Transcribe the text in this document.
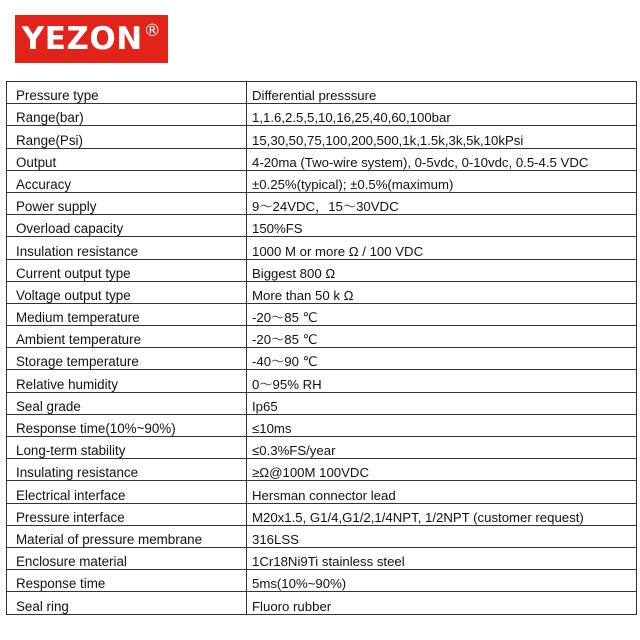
YEZON®
Pressure type	Differential presssure
Range(bar)	1,1.6,2.5,5,10,16,25,40,60,100bar
Range(Psi)	15,30,50,75,100,200,500,1k,1.5k,3k,5k,10kPsi
Output	4-20ma (Two-wire system), 0-5vdc, 0-10vdc, 0.5-4.5 VDC
Accuracy	±0.25%(typical); ±0.5%(maximum)
Power supply	9～24VDC，15～30VDC
Overload capacity	150%FS
Insulation resistance	1000 M or more Ω / 100 VDC
Current output type	Biggest 800 Ω
Voltage output type	More than 50 k Ω
Medium temperature	-20～85 ℃
Ambient temperature	-20～85 ℃
Storage temperature	-40～90 ℃
Relative humidity	0～95% RH
Seal grade	Ip65
Response time(10%~90%)	≤10ms
Long-term stability	≤0.3%FS/year
Insulating resistance	≥Ω@100M 100VDC
Electrical interface	Hersman connector lead
Pressure interface	M20x1.5, G1/4,G1/2,1/4NPT, 1/2NPT (customer request)
Material of pressure membrane	316LSS
Enclosure material	1Cr18Ni9Ti stainless steel
Response time	5ms(10%~90%)
Seal ring	Fluoro rubber
